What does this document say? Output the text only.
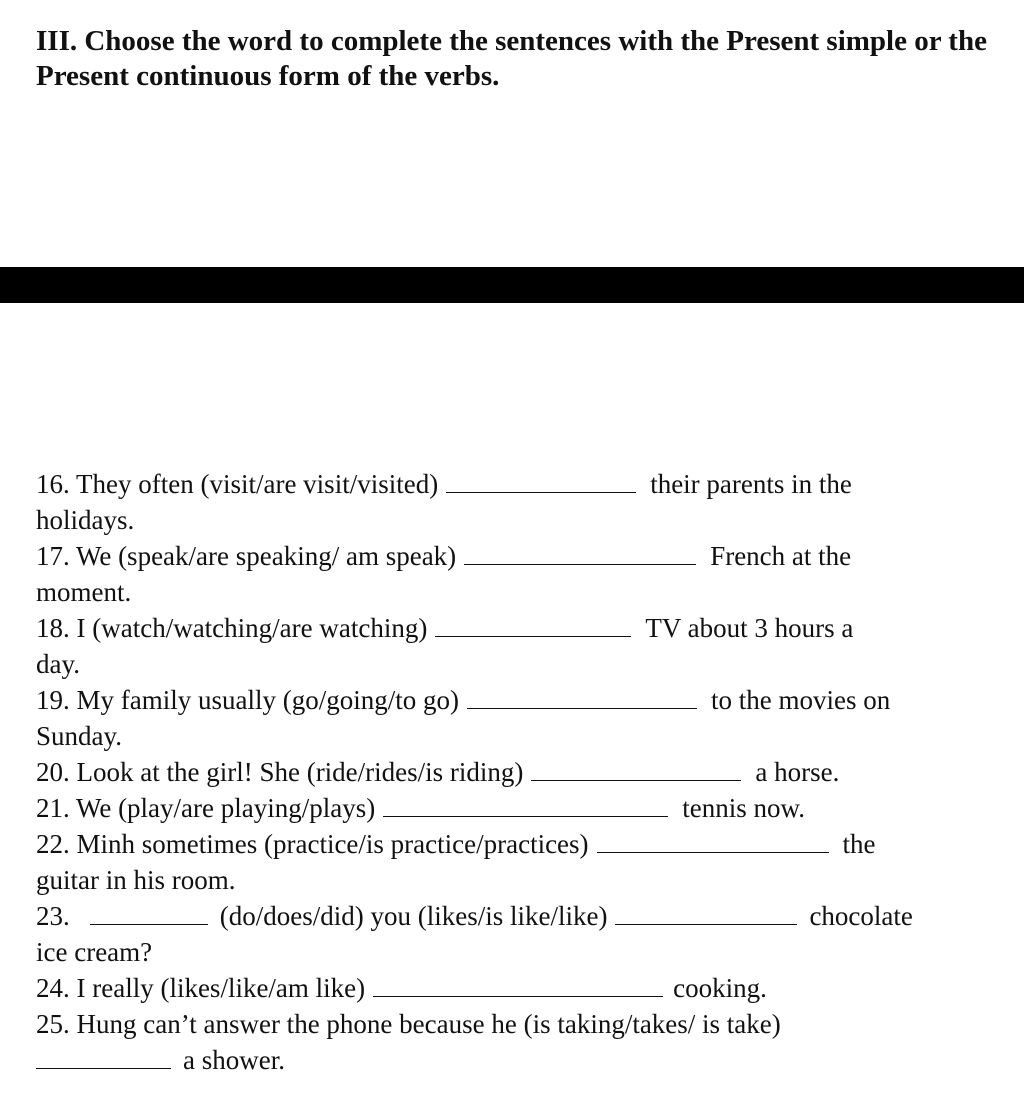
III. Choose the word to complete the sentences with the Present simple or the Present continuous form of the verbs.
16. They often (visit/are visit/visited)	their parents in the
holidays.
17. We (speak/are speaking/ am speak)	French at the
moment.
18. I (watch/watching/are watching)	TV about 3 hours a
day.
19. My family usually (go/going/to go)	to the movies on
Sunday.
20. Look at the girl! She (ride/rides/is riding)	a horse.
21. We (play/are playing/plays)	tennis now.
22. Minh sometimes (practice/is practice/practices)	the
guitar in his room.
23.	(do/does/did) you (likes/is like/like)	chocolate
ice cream?
24. I really (likes/like/am like)	cooking.
25. Hung can’t answer the phone because he (is taking/takes/ is take)
a shower.
